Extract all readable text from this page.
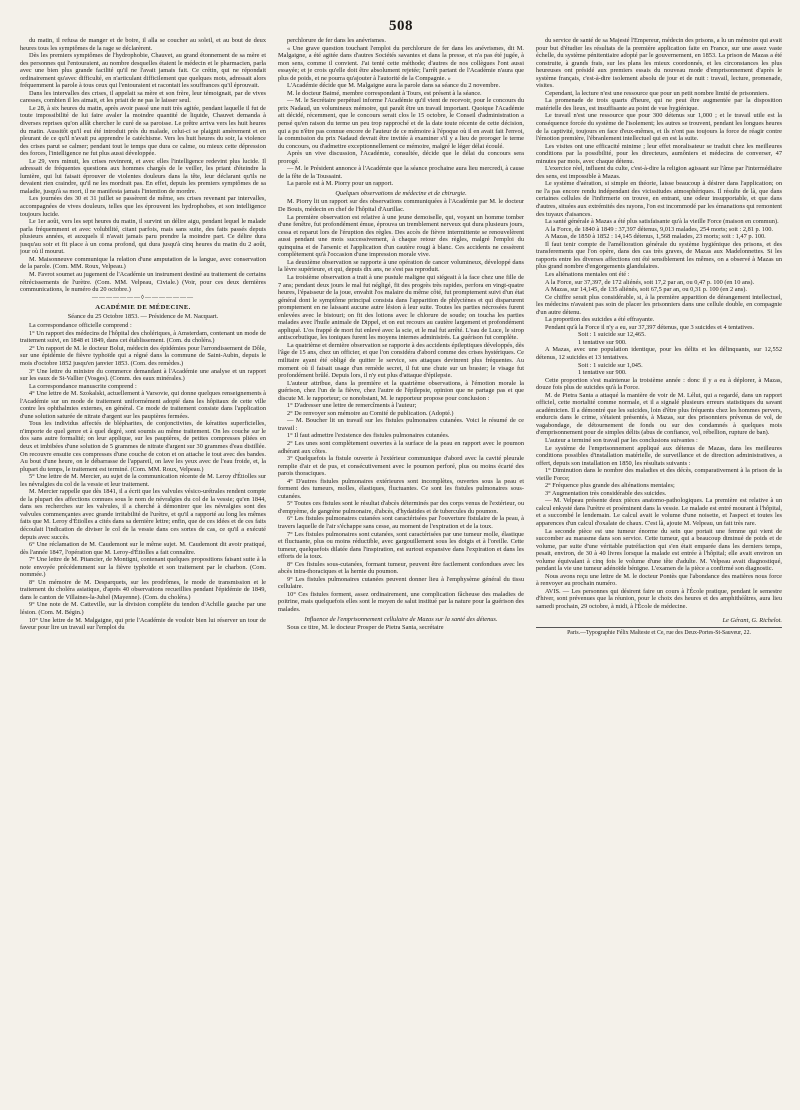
508

du matin, il refusa de manger et de boire, il alla se coucher au soleil, et au bout de deux heures tous les symptômes de la rage se déclarèrent.

Dès les premiers symptômes de l'hydrophobie, Chauvet, au grand étonnement de sa mère et des personnes qui l'entouraient, au nombre desquelles étaient le médecin et le pharmacien, parla avec une bien plus grande facilité qu'il ne l'avait jamais fait. Ce crétin, qui ne répondait ordinairement qu'avec difficulté, en n'articulant difficilement que quelques mots, adressait alors fréquemment la parole à tous ceux qui l'entouraient et racontait les souffrances qu'il éprouvait.

Dans les intervalles des crises, il appelait sa mère et son frère, leur témoignait, par de vives caresses, combien il les aimait, et les priait de ne pas le laisser seul.

Le 28, à six heures du matin, après avoir passé une nuit très agitée, pendant laquelle il fut de toute impossibilité de lui faire avaler la moindre quantité de liquide, Chauvet demanda à diverses reprises qu'on allât chercher le curé de sa paroisse. Le prêtre arriva vers les huit heures du matin. Aussitôt qu'il eut été introduit près du malade, celui-ci se plaignit amèrement et en pleurant de ce qu'il n'avait pu apprendre le catéchisme. Vers les huit heures du soir, la violence des crises parut se calmer; pendant tout le temps que dura ce calme, ou mieux cette dépression des forces, l'intelligence ne fut plus aussi développée.

Le 29, vers minuit, les crises revinrent, et avec elles l'intelligence redevint plus lucide. Il adressait de fréquentes questions aux hommes chargés de le veiller, les priant d'éteindre la lumière, qui lui faisait éprouver de violentes douleurs dans la tête, leur déclarant qu'ils ne devaient rien craindre, qu'il ne les mordrait pas. En effet, depuis les premiers symptômes de sa maladie, jusqu'à sa mort, il ne manifesta jamais l'intention de mordre.

Les journées des 30 et 31 juillet se passèrent de même, ses crises revenant par intervalles, accompagnées de vives douleurs, telles que les éprouvent les hydrophobes, et son intelligence toujours lucide.

Le 1er août, vers les sept heures du matin, il survint un délire aigu, pendant lequel le malade parla fréquemment et avec volubilité, citant parfois, mais sans suite, des faits passés depuis plusieurs années, et auxquels il n'avait jamais paru prendre la moindre part. Ce délire dura jusqu'au soir et fit place à un coma profond, qui dura jusqu'à cinq heures du matin du 2 août, jour où il mourut.

M. Maisonneuve communique la relation d'une amputation de la langue, avec conservation de la parole. (Com. MM. Roux, Velpeau.)

M. Favrot soumet au jugement de l'Académie un instrument destiné au traitement de certains rétrécissements de l'urètre. (Com. MM. Velpeau, Civiale.) (Voir, pour ces deux dernières communications, le numéro du 20 octobre.)

———————◊———————
ACADÉMIE DE MÉDECINE.
Séance du 25 Octobre 1853. — Présidence de M. Nacquart.

La correspondance officielle comprend :

1° Un rapport des médecins de l'hôpital des cholériques, à Amsterdam, contenant un mode de traitement suivi, en 1848 et 1849, dans cet établissement. (Com. du choléra.)

2° Un rapport de M. le docteur Bolut, médecin des épidémies pour l'arrondissement de Dôle, sur une épidémie de fièvre typhoïde qui a régné dans la commune de Saint-Aubin, depuis le mois d'octobre 1852 jusqu'en janvier 1853. (Com. des remèdes.)

3° Une lettre du ministre du commerce demandant à l'Académie une analyse et un rapport sur les eaux de St-Vallier (Vosges). (Comm. des eaux minérales.)

La correspondance manuscrite comprend :

4° Une lettre de M. Szokalski, actuellement à Varsovie, qui donne quelques renseignements à l'Académie sur un mode de traitement uniformément adopté dans les hôpitaux de cette ville contre les ophthalmies externes, en général. Ce mode de traitement consiste dans l'application d'une solution saturée de nitrate d'argent sur les paupières fermées.

Tous les individus affectés de blépharites, de conjonctivites, de kératites superficielles, n'importe de quel genre et à quel degré, sont soumis au même traitement. On les couche sur le dos sans autre formalité; on leur applique, sur les paupières, de petites compresses pliées en deux et imbibées d'une solution de 5 grammes de nitrate d'argent sur 30 grammes d'eau distillée. On recouvre ensuite ces compresses d'une couche de coton et on attache le tout avec des bandes. Au bout d'une heure, on le débarrasse de l'appareil, on lave les yeux avec de l'eau froide, et, la plupart du temps, le traitement est terminé. (Com. MM. Roux, Velpeau.)

5° Une lettre de M. Mercier, au sujet de la communication récente de M. Leroy d'Étiolles sur les névralgies du col de la vessie et leur traitement.

M. Mercier rappelle que dès 1841, il a écrit que les valvules vésico-urétrales rendent compte de la plupart des affections connues sous le nom de névralgies du col de la vessie; qu'en 1844, dans ses recherches sur les valvules, il a cherché à démontrer que les névralgies sont des valvules commençantes avec grande irritabilité de l'urètre, et qu'il a rapporté au long les mêmes faits que M. Leroy d'Étiolles a cités dans sa dernière lettre; enfin, que de ces idées et de ces faits découlait l'indication de diviser le col de la vessie dans ces sortes de cas, ce qu'il a exécuté depuis avec succès.

6° Une réclamation de M. Caudemont sur le même sujet. M. Caudemont dit avoir pratiqué, dès l'année 1847, l'opération que M. Leroy-d'Étiolles a fait connaître.

7° Une lettre de M. Pitancier, de Montigni, contenant quelques propositions faisant suite à la note envoyée précédemment sur la fièvre typhoïde et son traitement par le charbon. (Com. nommée.)

8° Un mémoire de M. Desparquets, sur les prodrômes, le mode de transmission et le traitement du choléra asiatique, d'après 40 observations recueillies pendant l'épidémie de 1849, dans le canton de Villaines-la-Juhel (Mayenne). (Com. du choléra.)

9° Une note de M. Catteville, sur la division complète du tendon d'Achille gauche par une lésion. (Com. M. Bégin.)

10° Une lettre de M. Malgaigne, qui prie l'Académie de vouloir bien lui réserver un tour de faveur pour lire un travail sur l'emploi du

perchlorure de fer dans les anévrismes.

« Une grave question touchant l'emploi du perchlorure de fer dans les anévrismes, dit M. Malgaigne, a été agitée dans d'autres Sociétés savantes et dans la presse, et n'a pas été jugée, à mon sens, comme il convient. J'ai tenté cette méthode; d'autres de nos collègues l'ont aussi essayée; et je crois qu'elle doit être absolument rejetée; l'arrêt partant de l'Académie n'aura que plus de poids, et ne pourra qu'ajouter à l'autorité de la Compagnie. »

L'Académie décide que M. Malgaigne aura la parole dans sa séance du 2 novembre.

M. le docteur Baimé, membre correspondant à Tours, est présent à la séance.

— M. le Secrétaire perpétuel informe l'Académie qu'il vient de recevoir, pour le concours du prix Nadaud, un volumineux mémoire, qui paraît être un travail important. Quoique l'Académie ait décidé, récemment, que le concours serait clos le 15 octobre, le Conseil d'administration a pensé qu'en raison du terme un peu trop rapproché et de la date toute récente de cette décision, qui a pu n'être pas connue encore de l'auteur de ce mémoire à l'époque où il en avait fait l'envoi, la commission du prix Nadaud devrait être invitée à examiner s'il y a lieu de proroger le terme du concours, ou d'admettre exceptionnellement ce mémoire, malgré le léger délai écoulé.

Après un vive discussion, l'Académie, consultée, décide que le délai du concours sera prorogé.

— M. le Président annonce à l'Académie que la séance prochaine aura lieu mercredi, à cause de la fête de la Toussaint.

La parole est à M. Piorry pour un rapport.

Quelques observations de médecine et de chirurgie.

M. Piorry lit un rapport sur des observations communiquées à l'Académie par M. le docteur De Bouis, médecin en chef de l'hôpital d'Aurillac.

La première observation est relative à une jeune demoiselle, qui, voyant un homme tomber d'une fenêtre, fut profondément émue, éprouva un tremblement nerveux qui dura plusieurs jours, cessa et reparut lors de l'éruption des règles. Des accès de fièvre intermittente se renouvelèrent aussi pendant une mois successivement, à chaque retour des règles, malgré l'emploi du quinquina et de l'arsenic et l'application d'un cautère rougi à blanc. Ces accidents ne cessèrent complètement qu'à l'occasion d'une impression morale vive.

La deuxième observation se rapporte à une opération de cancer volumineux, développé dans la lèvre supérieure, et qui, depuis dix ans, ne s'est pas reproduit.

La troisième observation a trait à une pustule maligne qui siégeait à la face chez une fille de 7 ans; pendant deux jours le mal fut négligé, fit des progrès très rapides, perfora en vingt-quatre heures, l'épaisseur de la joue, envahit l'os malaire du même côté, fut promptement suivi d'un état général dont le symptôme principal consista dans l'apparition de phlyctènes et qui disparurent promptement en ne laissant aucune autre lésion à leur suite. Toutes les parties nécrosées furent enlevées avec le bistouri; on fit des lotions avec le chlorure de soude; on toucha les parties malades avec l'huile animale de Dippel, et on eut recours au cautère largement et profondément appliqué. L'os frappé de mort fut enlevé avec la scie, et le mal fut arrêté. L'eau de Luce, le sirop antiscorbutique, les toniques furent les moyens internes administrés. La guérison fut complète.

La quatrième et dernière observation se rapporte à des accidents épileptiques développés, dès l'âge de 15 ans, chez un officier, et que l'on considéra d'abord comme des crises hystériques. Ce militaire ayant été obligé de quitter le service, ses attaques devinrent plus fréquentes. Au moment où il faisait usage d'un remède secret, il fut une chute sur un brasier; le visage fut profondément brûlé. Depuis lors, il n'y eut plus d'attaque d'épilepsie.

L'auteur attribue, dans la première et la quatrième observations, à l'émotion morale la guérison, chez l'un de la fièvre, chez l'autre de l'épilepsie, opinion que ne partage pas et que discute M. le rapporteur; ce nonobstant, M. le rapporteur propose pour conclusion :

1° D'adresser une lettre de remercîments à l'auteur;

2° De renvoyer son mémoire au Comité de publication. (Adopté.)

— M. Boucher lit un travail sur les fistules pulmonaires cutanées. Voici le résumé de ce travail :

1° Il faut admettre l'existence des fistules pulmonaires cutanées.

2° Les unes sont complètement ouvertes à la surface de la peau en rapport avec le poumon adhérant aux côtes.

3° Quelquefois la fistule ouverte à l'extérieur communique d'abord avec la cavité pleurale remplie d'air et de pus, et consécutivement avec le poumon perforé, plus ou moins écarté des parois thoraciques.

4° D'autres fistules pulmonaires extérieures sont incomplètes, ouvertes sous la peau et forment des tumeurs, molles, élastiques, fluctuantes. Ce sont les fistules pulmonaires sous-cutanées.

5° Toutes ces fistules sont le résultat d'abcès déterminés par des corps venus de l'extérieur, ou d'empyème, de gangrène pulmonaire, d'abcès, d'hydatides et de tubercules du poumon.

6° Les fistules pulmonaires cutanées sont caractérisées par l'ouverture fistulaire de la peau, à travers laquelle de l'air s'échappe sans cesse, au moment de l'expiration et de la toux.

7° Les fistules pulmonaires sont cutanées, sont caractérisées par une tumeur molle, élastique et fluctuante, plus ou moins réductible, avec gargouillement sous les doigts et à l'oreille. Cette tumeur, quelquefois dilatée dans l'inspiration, est surtout expansive dans l'expiration et dans les efforts de la toux.

8° Ces fistules sous-cutanées, formant tumeur, peuvent être facilement confondues avec les abcès intra-thoraciques et la hernie du poumon.

9° Les fistules pulmonaires cutanées peuvent donner lieu à l'emphysème général du tissu cellulaire.

10° Ces fistules forment, assez ordinairement, une complication fâcheuse des maladies de poitrine, mais quelquefois elles sont le moyen de salut institué par la nature pour la guérison des malades.

Influence de l'emprisonnement cellulaire de Mazas sur la santé des détenus.

Sous ce titre, M. le docteur Prosper de Pietra Santa, secrétaire

du service de santé de sa Majesté l'Empereur, médecin des prisons, a lu un mémoire qui avait pour but d'étudier les résultats de la première application faite en France, sur une assez vaste échelle, du système pénitentiaire adopté par le gouvernement, en 1853. La prison de Mazas a été construite, à grands frais, sur les plans les mieux coordonnés, et les circonstances les plus heureuses ont présidé aux premiers essais du nouveau mode d'emprisonnement d'après le système français, c'est-à-dire isolement absolu de jour et de nuit : travail, lecture, promenade, visites.

Cependant, la lecture n'est une ressource que pour un petit nombre limité de prisonniers.

La promenade de trois quarts d'heure, qui ne peut être augmentée par la disposition matérielle des lieux, est insuffisante au point de vue hygiénique.

Le travail n'est une ressource que pour 300 détenus sur 1,000 ; et le travail utile est la conséquence forcée du système de l'isolement; les autres se trouvent, pendant les longues heures de la captivité, toujours en face d'eux-mêmes, et ils n'ont pas toujours la force de réagir contre l'émotion première, l'ébranlement intellectuel qui en est la suite.

Les visites ont une efficacité minime ; leur effet moralisateur se traduit chez les meilleures conditions par la possibilité, pour les directeurs, aumôniers et médecins de converser, 47 minutes par mois, avec chaque détenu.

L'exercice réel, influent du culte, c'est-à-dire la religion agissant sur l'âme par l'intermédiaire des sens, est impossible à Mazas.

Le système d'aération, si simple en théorie, laisse beaucoup à désirer dans l'application; on ne l'a pas encore rendu indépendant des vicissitudes atmosphériques. Il résulte de là, que dans certaines cellules de l'infirmerie on trouve, en entrant, une odeur insupportable, et que dans d'autres, situées aux extrémités des rayons, l'on est incommodé par les émanations qui remontent des tuyaux d'aisances.

La santé générale à Mazas a été plus satisfaisante qu'à la vieille Force (maison en commun).

A la Force, de 1840 à 1849 : 37,397 détenus, 9,013 malades, 254 morts; soit : 2,81 p. 100.

A Mazas, de 1850 à 1852 : 14,145 détenus, 1,568 malades, 23 morts; soit : 1,47 p. 100.

Il faut tenir compte de l'amélioration générale du système hygiénique des prisons, et des transferements que l'on opère, dans des cas très graves, de Mazas aux Madelonnettes. Si les rapports entre les diverses affections ont été sensiblement les mêmes, on a observé à Mazas un plus grand nombre d'engorgements glandulaires.

Les aliénations mentales ont été :

A la Force, sur 37,397, de 172 aliénés, soit 17,2 par an, ou 0,47 p. 100 (en 10 ans).

A Mazas, sur 14,145, de 135 aliénés, soit 67,5 par an, ou 0,31 p. 100 (en 2 ans).

Ce chiffre serait plus considérable, si, à la première apparition de dérangement intellectuel, les médecins n'avaient pas soin de placer les prisonniers dans une cellule double, en compagnie d'un autre détenu.

La proportion des suicides a été effrayante.

Pendant qu'à la Force il n'y a eu, sur 37,397 détenus, que 3 suicides et 4 tentatives.

Soit : 1 suicide sur 12,465.
1 tentative sur 900.

A Mazas, avec une population identique, pour les délits et les délinquants, sur 12,552 détenus, 12 suicides et 13 tentatives.

Soit : 1 suicide sur 1,045.
1 tentative sur 900.

Cette proportion s'est maintenue la troisième année : donc il y a eu à déplorer, à Mazas, douze fois plus de suicides qu'à la Force.

M. de Pietra Santa a attaqué la manière de voir de M. Lélut, qui a regardé, dans un rapport officiel, cette mortalité comme normale, et il a signalé plusieurs erreurs statistiques du savant académicien. Il a démontré que les suicides, loin d'être plus fréquents chez les hommes pervers, endurcis dans le crime, s'étaient présentés, à Mazas, sur des prisonniers prévenus de vol, de vagabondage, de détournement de fonds ou sur des condamnés à quelques mois d'emprisonnement pour de simples délits (abus de confiance, vol, rébellion, rupture de ban).

L'auteur a terminé son travail par les conclusions suivantes :

Le système de l'emprisonnement appliqué aux détenus de Mazas, dans les meilleures conditions possibles d'installation matérielle, de surveillance et de direction administratives, a offert, depuis son installation en 1850, les résultats suivants :

1° Diminution dans le nombre des maladies et des décès, comparativement à la prison de la vieille Force;

2° Fréquence plus grande des aliénations mentales;

3° Augmentation très considérable des suicides.

— M. Velpeau présente deux pièces anatomo-pathologiques. La première est relative à un calcul enkysté dans l'urètre et proéminent dans la vessie. Le malade est entré mourant à l'hôpital, et a succombé le lendemain. Le calcul avait le volume d'une noisette, et l'aspect et toutes les apparences d'un calcul d'oxalate de chaux. C'est là, ajoute M. Velpeau, un fait très rare.

La seconde pièce est une tumeur énorme du sein que portait une femme qui vient de succomber au marasme dans son service. Cette tumeur, qui a beaucoup diminué de poids et de volume, par suite d'une véritable putréfaction qui s'en était emparée dans les derniers temps, pesait, environ, de 30 à 40 livres lorsque la malade est entrée à l'hôpital; elle avait environ un volume équivalant à cinq fois le volume d'une tête d'adulte. M. Velpeau avait diagnostiqué, pendant la vie une tumeur adénoïde bénigne. L'examen de la pièce a confirmé son diagnostic.

Nous avons reçu une lettre de M. le docteur Pontès que l'abondance des matières nous force à renvoyer au prochain numéro.

AVIS. — Les personnes qui désirent faire un cours à l'École pratique, pendant le semestre d'hiver, sont prévenues que la réunion, pour le choix des heures et des amphithéâtres, aura lieu samedi prochain, 29 octobre, à midi, à l'École de médecine.

Le Gérant, G. Richelot.
Paris.—Typographie Félix Malteste et Ce, rue des Deux-Portes-St-Sauveur, 22.
